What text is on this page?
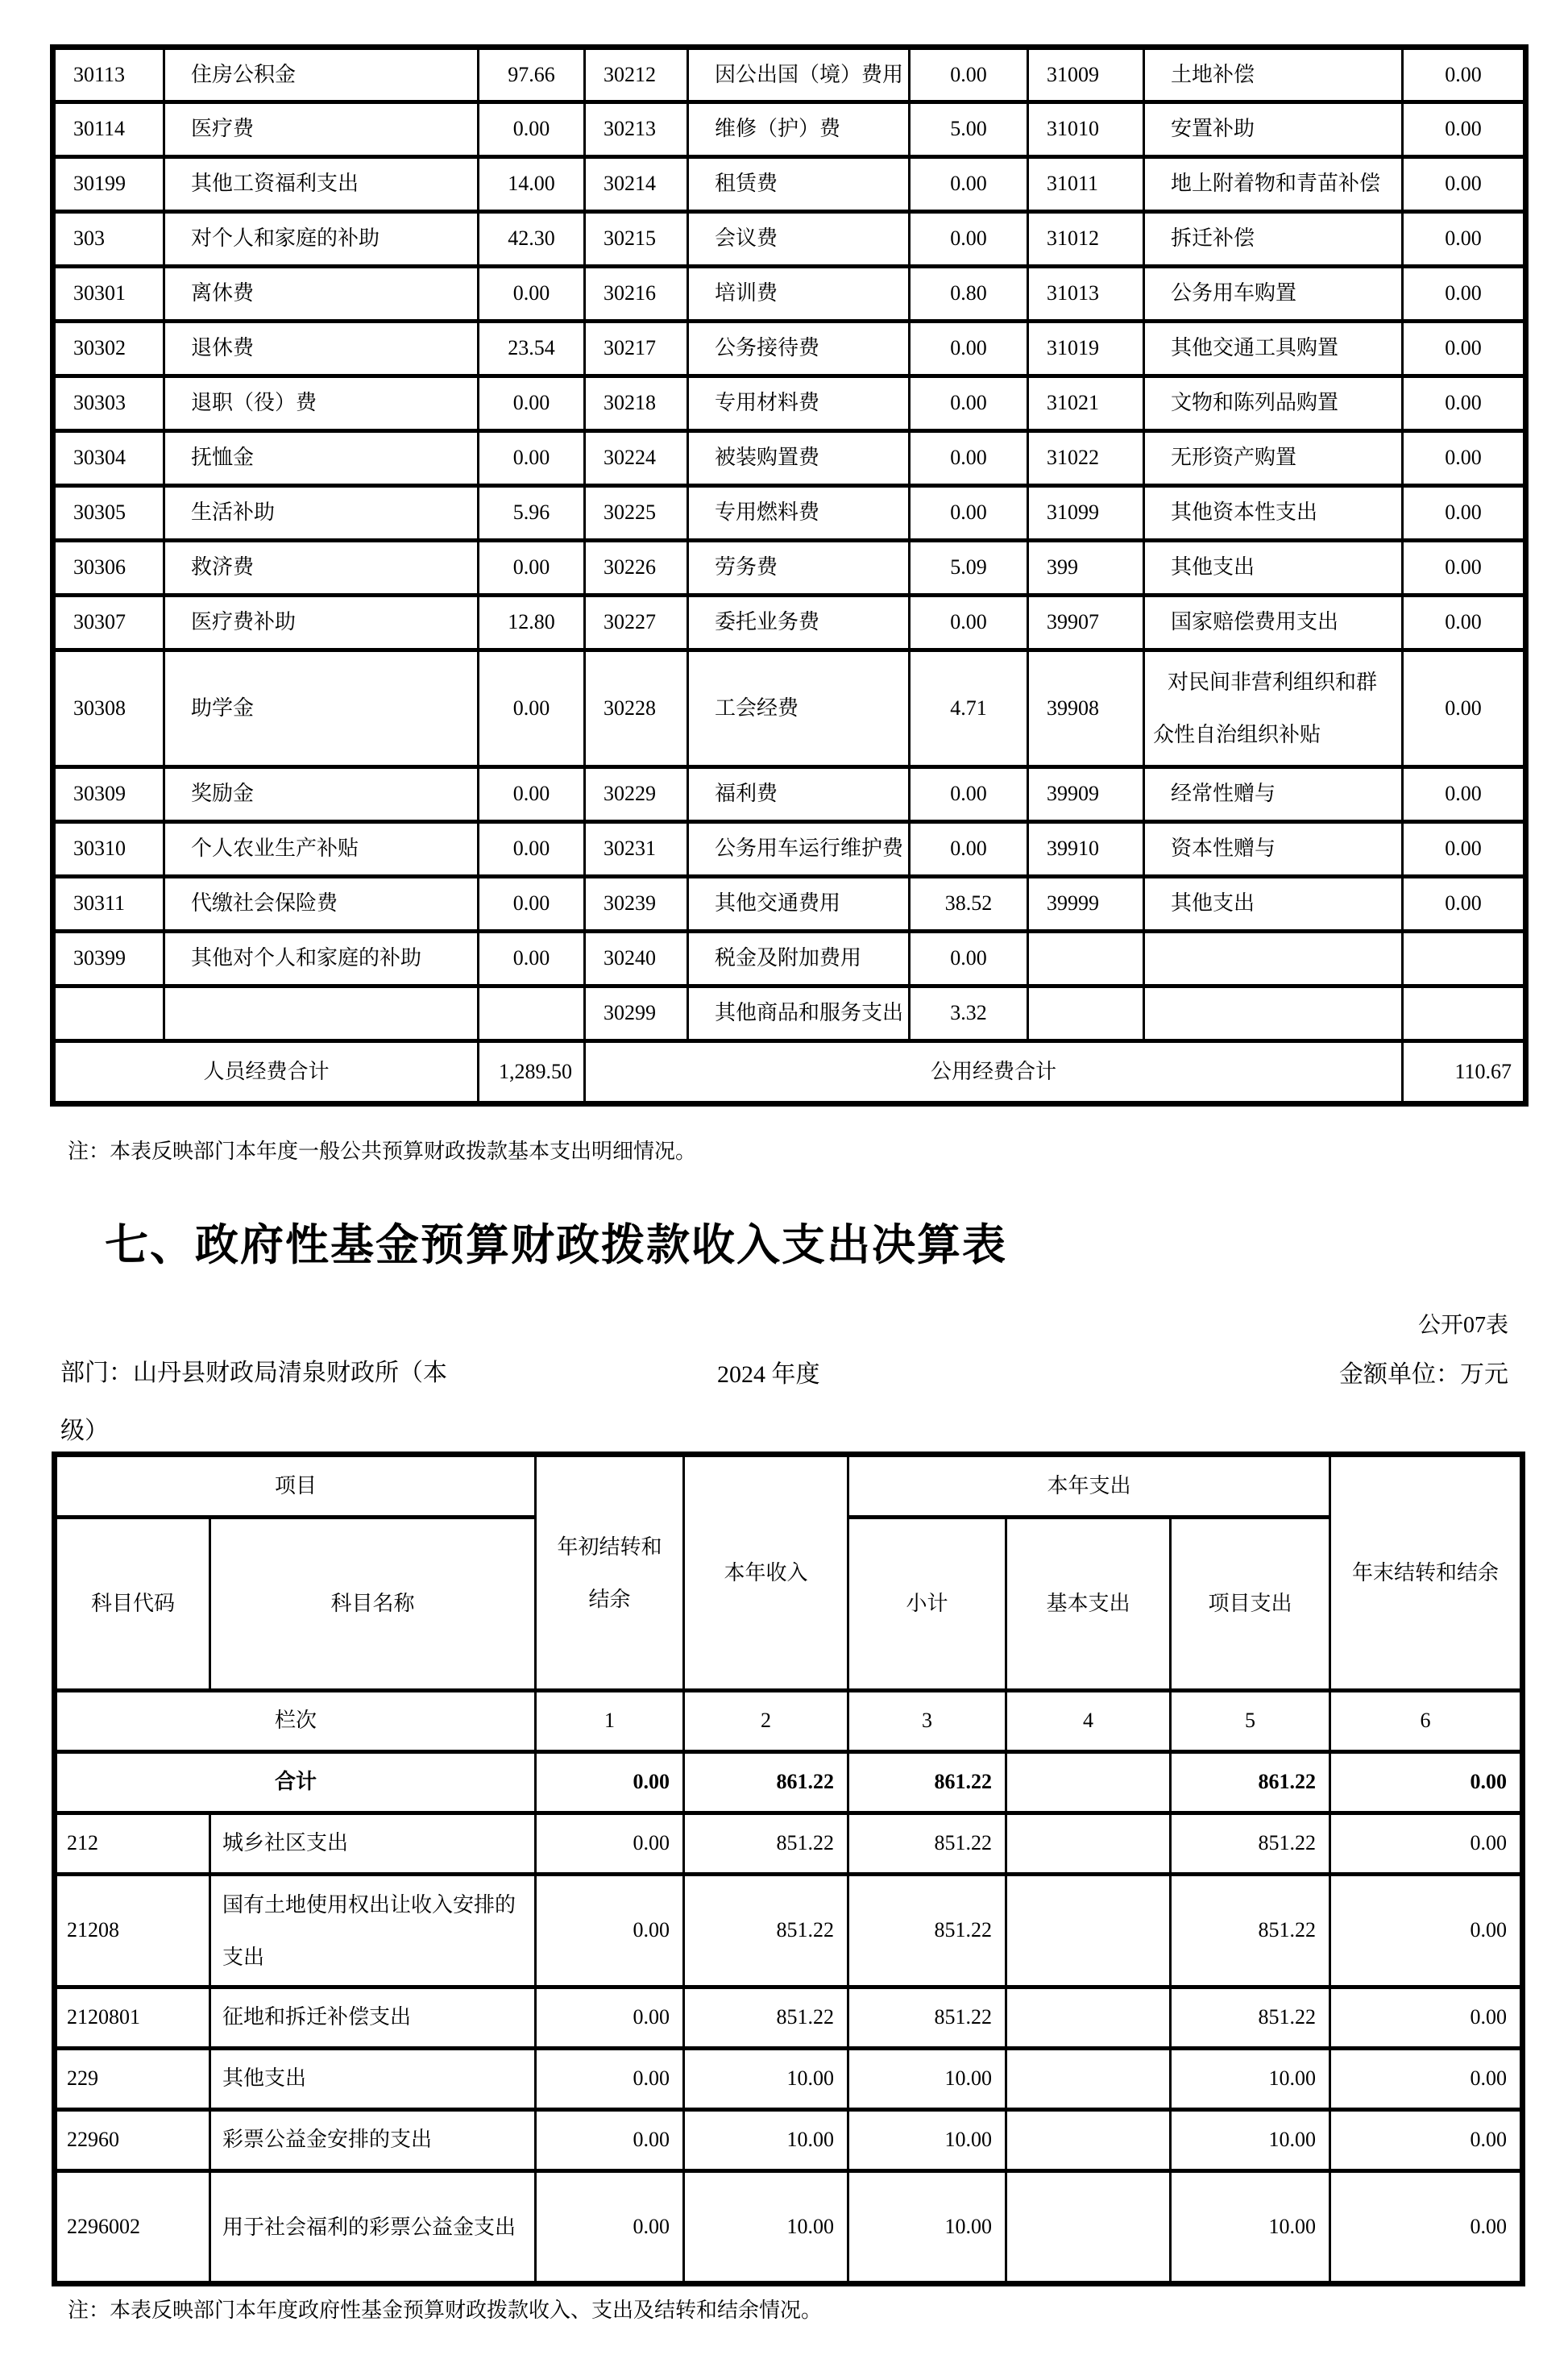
30113	住房公积金	97.66	30212	因公出国（境）费用	0.00	31009	土地补偿	0.00
30114	医疗费	0.00	30213	维修（护）费	5.00	31010	安置补助	0.00
30199	其他工资福利支出	14.00	30214	租赁费	0.00	31011	地上附着物和青苗补偿	0.00
303	对个人和家庭的补助	42.30	30215	会议费	0.00	31012	拆迁补偿	0.00
30301	离休费	0.00	30216	培训费	0.80	31013	公务用车购置	0.00
30302	退休费	23.54	30217	公务接待费	0.00	31019	其他交通工具购置	0.00
30303	退职（役）费	0.00	30218	专用材料费	0.00	31021	文物和陈列品购置	0.00
30304	抚恤金	0.00	30224	被装购置费	0.00	31022	无形资产购置	0.00
30305	生活补助	5.96	30225	专用燃料费	0.00	31099	其他资本性支出	0.00
30306	救济费	0.00	30226	劳务费	5.09	399	其他支出	0.00
30307	医疗费补助	12.80	30227	委托业务费	0.00	39907	国家赔偿费用支出	0.00
30308	助学金	0.00	30228	工会经费	4.71	39908	对民间非营利组织和群众性自治组织补贴	0.00
30309	奖励金	0.00	30229	福利费	0.00	39909	经常性赠与	0.00
30310	个人农业生产补贴	0.00	30231	公务用车运行维护费	0.00	39910	资本性赠与	0.00
30311	代缴社会保险费	0.00	30239	其他交通费用	38.52	39999	其他支出	0.00
30399	其他对个人和家庭的补助	0.00	30240	税金及附加费用	0.00			
			30299	其他商品和服务支出	3.32			
人员经费合计		1,289.50	公用经费合计					110.67
注：本表反映部门本年度一般公共预算财政拨款基本支出明细情况。
七、政府性基金预算财政拨款收入支出决算表
公开07表
部门：山丹县财政局清泉财政所（本级）
2024 年度	金额单位：万元
项目		年初结转和结余	本年收入	本年支出			年末结转和结余
科目代码	科目名称			小计	基本支出	项目支出	
栏次		1	2	3	4	5	6
合计		0.00	861.22	861.22		861.22	0.00
212	城乡社区支出	0.00	851.22	851.22		851.22	0.00
21208	国有土地使用权出让收入安排的支出	0.00	851.22	851.22		851.22	0.00
2120801	征地和拆迁补偿支出	0.00	851.22	851.22		851.22	0.00
229	其他支出	0.00	10.00	10.00		10.00	0.00
22960	彩票公益金安排的支出	0.00	10.00	10.00		10.00	0.00
2296002	用于社会福利的彩票公益金支出	0.00	10.00	10.00		10.00	0.00
注：本表反映部门本年度政府性基金预算财政拨款收入、支出及结转和结余情况。
